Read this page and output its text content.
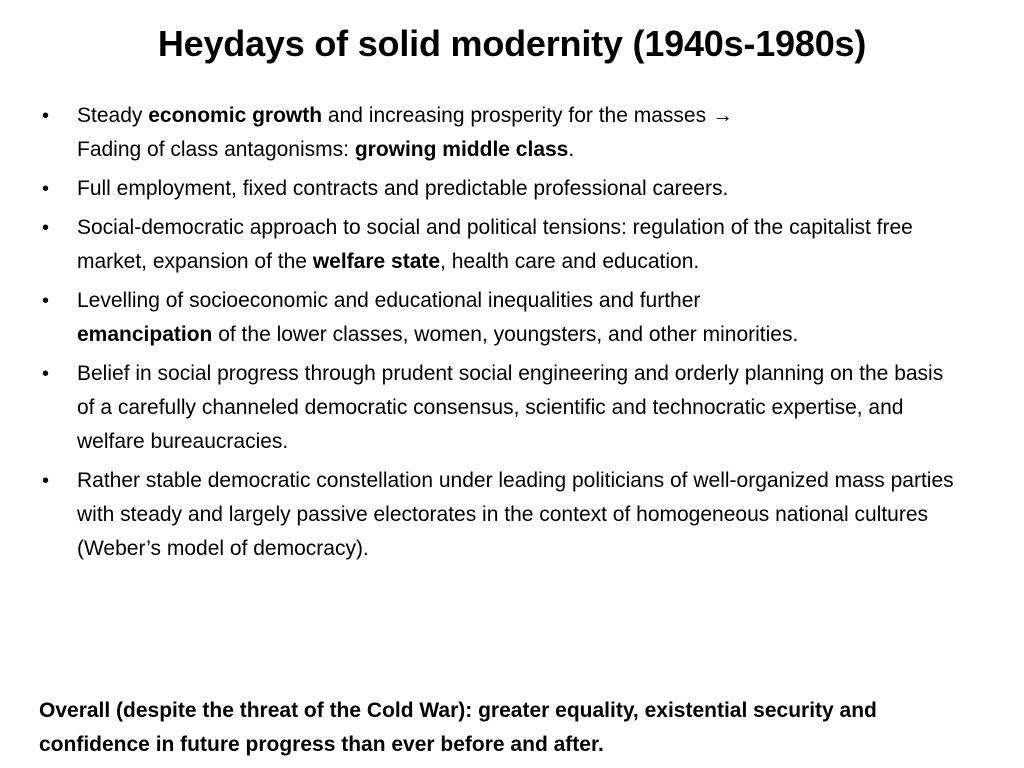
Heydays of solid modernity (1940s-1980s)
• Steady economic growth and increasing prosperity for the masses →
Fading of class antagonisms: growing middle class.
• Full employment, fixed contracts and predictable professional careers.
• Social-democratic approach to social and political tensions: regulation of the capitalist free market, expansion of the welfare state, health care and education.
• Levelling of socioeconomic and educational inequalities and further
emancipation of the lower classes, women, youngsters, and other minorities.
• Belief in social progress through prudent social engineering and orderly planning on the basis of a carefully channeled democratic consensus, scientific and technocratic expertise, and welfare bureaucracies.
• Rather stable democratic constellation under leading politicians of well-organized mass parties with steady and largely passive electorates in the context of homogeneous national cultures (Weber’s model of democracy).
Overall (despite the threat of the Cold War): greater equality, existential security and confidence in future progress than ever before and after.
